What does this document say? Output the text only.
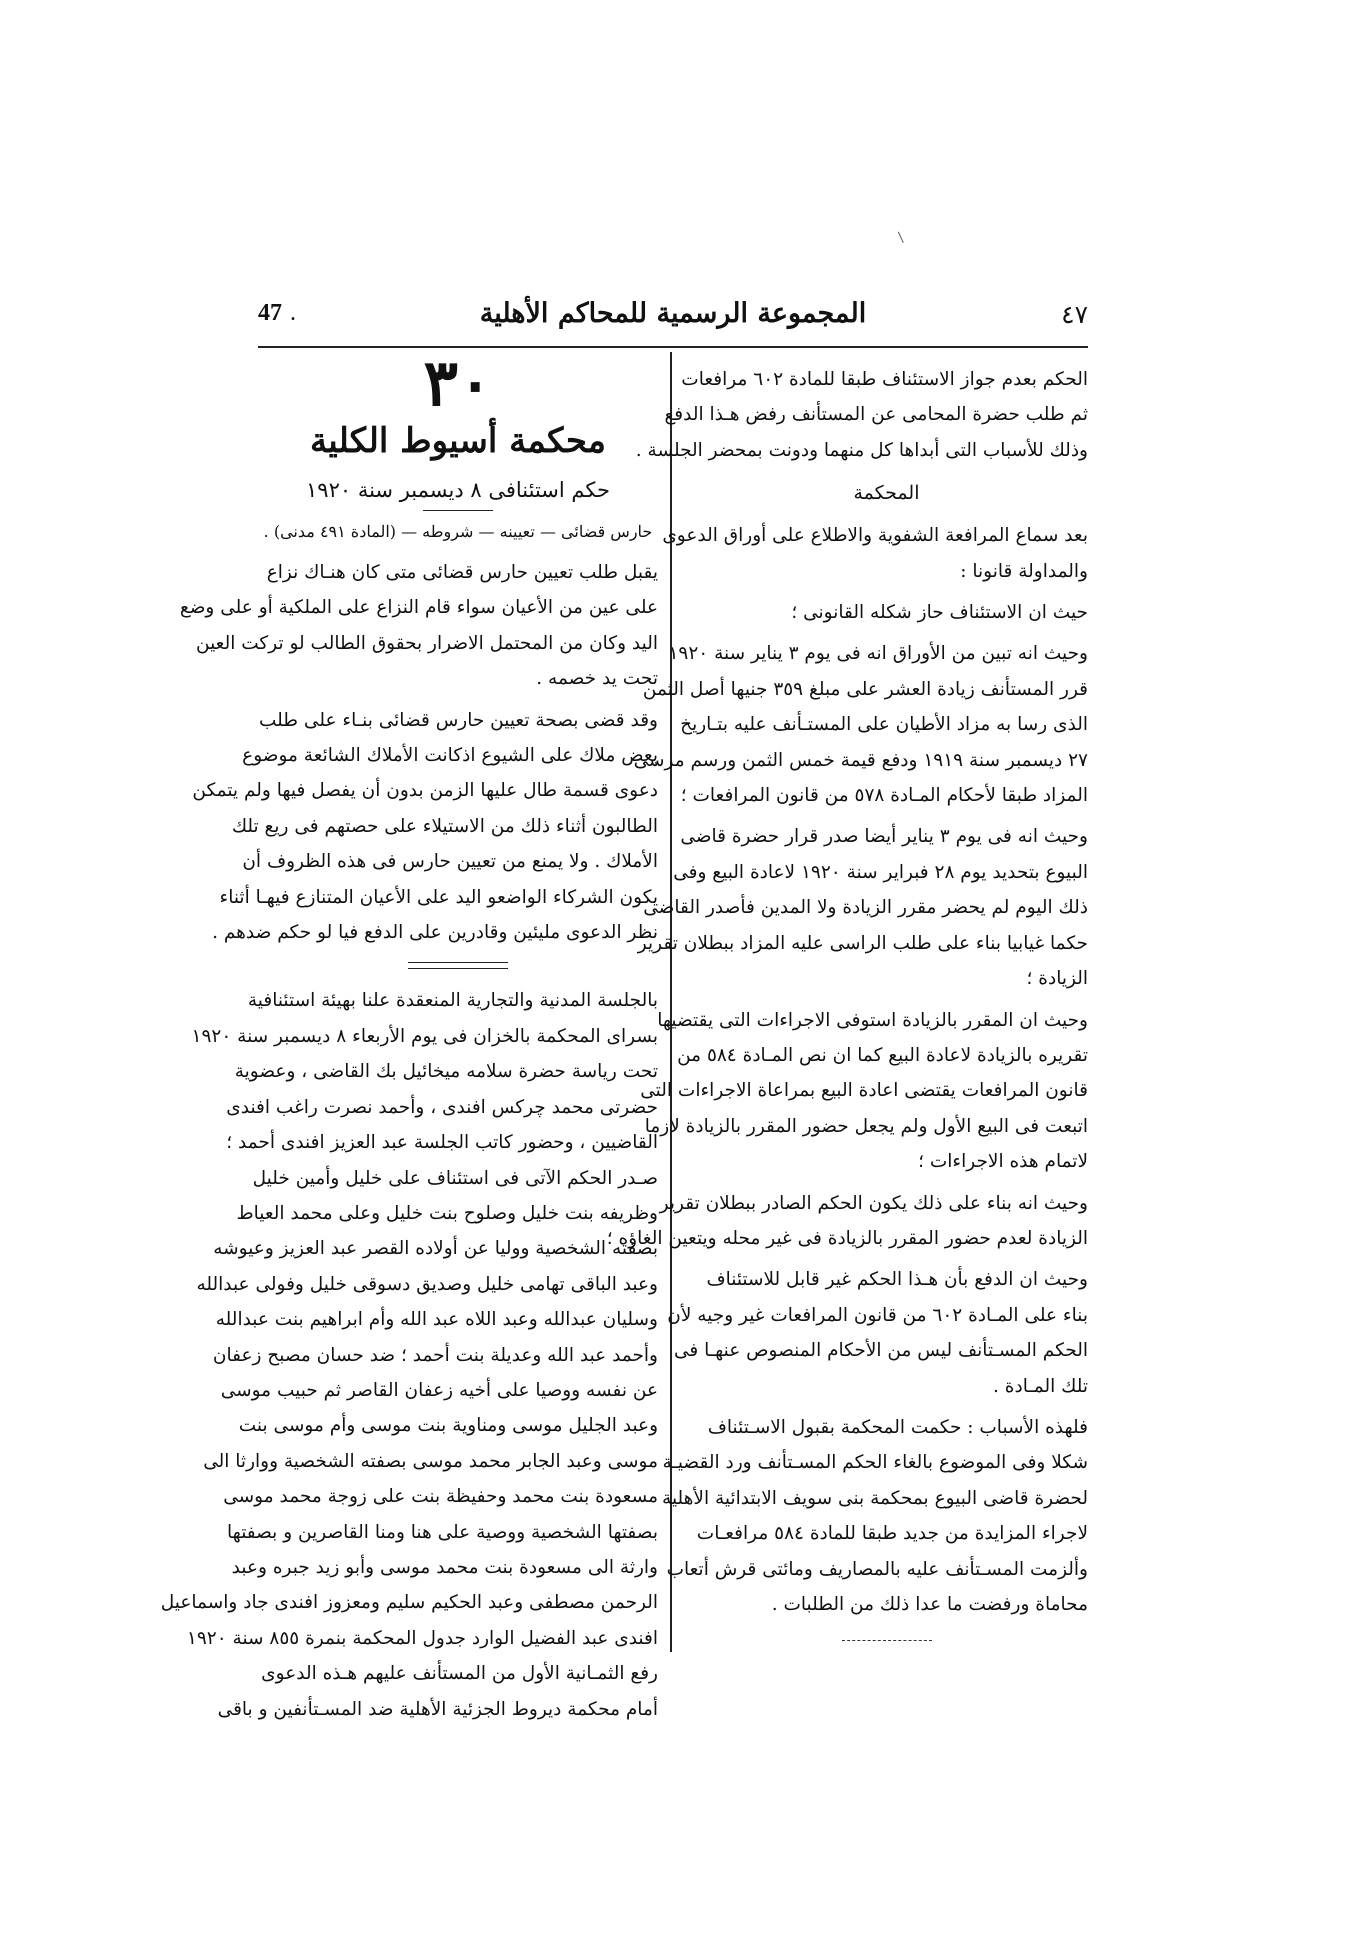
٤٧
المجموعة الرسمية للمحاكم الأهلية
47 .
٣٠
محكمة أسيوط الكلية
حكم استئنافى ٨ ديسمبر سنة ١٩٢٠
حارس قضائى — تعيينه — شروطه — (المادة ٤٩١ مدنى) .

يقبل طلب تعيين حارس قضائى متى كان هنـاك نزاع
على عين من الأعيان سواء قام النزاع على الملكية أو على وضع
اليد وكان من المحتمل الاضرار بحقوق الطالب لو تركت العين
تحت يد خصمه .

وقد قضى بصحة تعيين حارس قضائى بنـاء على طلب
بعض ملاك على الشيوع اذكانت الأملاك الشائعة موضوع
دعوى قسمة طال عليها الزمن بدون أن يفصل فيها ولم يتمكن
الطالبون أثناء ذلك من الاستيلاء على حصتهم فى ريع تلك
الأملاك . ولا يمنع من تعيين حارس فى هذه الظروف أن
يكون الشركاء الواضعو اليد على الأعيان المتنازع فيهـا أثناء
نظر الدعوى مليئين وقادرين على الدفع فيا لو حكم ضدهم .

بالجلسة المدنية والتجارية المنعقدة علنا بهيئة استئنافية
بسراى المحكمة بالخزان فى يوم الأربعاء ٨ ديسمبر سنة ١٩٢٠
تحت رياسة حضرة سلامه ميخائيل بك القاضى ، وعضوية
حضرتى محمد چركس افندى ، وأحمد نصرت راغب افندى
القاضيين ، وحضور كاتب الجلسة عبد العزيز افندى أحمد ؛
صـدر الحكم الآتى فى استئناف على خليل وأمين خليل
وظريفه بنت خليل وصلوح بنت خليل وعلى محمد العياط
بصفته الشخصية ووليا عن أولاده القصر عبد العزيز وعيوشه
وعبد الباقى تهامى خليل وصديق دسوقى خليل وفولى عبدالله
وسليان عبدالله وعبد اللاه عبد الله وأم ابراهيم بنت عبدالله
وأحمد عبد الله وعديلة بنت أحمد ؛ ضد حسان مصبح زعفان
عن نفسه ووصيا على أخيه زعفان القاصر ثم حبيب موسى
وعبد الجليل موسى ومناوية بنت موسى وأم موسى بنت
موسى وعبد الجابر محمد موسى بصفته الشخصية ووارثا الى
مسعودة بنت محمد وحفيظة بنت على زوجة محمد موسى
بصفتها الشخصية ووصية على هنا ومنا القاصرين و بصفتها
وارثة الى مسعودة بنت محمد موسى وأبو زيد جبره وعبد
الرحمن مصطفى وعبد الحكيم سليم ومعزوز افندى جاد واسماعيل
افندى عبد الفضيل الوارد جدول المحكمة بنمرة ٨٥٥ سنة ١٩٢٠
رفع الثمـانية الأول من المستأنف عليهم هـذه الدعوى
أمام محكمة ديروط الجزئية الأهلية ضد المسـتأنفين و باقى

الحكم بعدم جواز الاستئناف طبقا للمادة ٦٠٢ مرافعات
ثم طلب حضرة المحامى عن المستأنف رفض هـذا الدفع
وذلك للأسباب التى أبداها كل منهما ودونت بمحضر الجلسة .

المحكمة

بعد سماع المرافعة الشفوية والاطلاع على أوراق الدعوى
والمداولة قانونا :

حيث ان الاستئناف حاز شكله القانونى ؛

وحيث انه تبين من الأوراق انه فى يوم ٣ يناير سنة ١٩٢٠
قرر المستأنف زيادة العشر على مبلغ ٣٥٩ جنيها أصل الثمن
الذى رسا به مزاد الأطيان على المستـأنف عليه بتـاريخ
٢٧ ديسمبر سنة ١٩١٩ ودفع قيمة خمس الثمن ورسم مرسى
المزاد طبقا لأحكام المـادة ٥٧٨ من قانون المرافعات ؛

وحيث انه فى يوم ٣ يناير أيضا صدر قرار حضرة قاضى
البيوع بتحديد يوم ٢٨ فبراير سنة ١٩٢٠ لاعادة البيع وفى
ذلك اليوم لم يحضر مقرر الزيادة ولا المدين فأصدر القاضى
حكما غيابيا بناء على طلب الراسى عليه المزاد ببطلان تقرير
الزيادة ؛

وحيث ان المقرر بالزيادة استوفى الاجراءات التى يقتضيها
تقريره بالزيادة لاعادة البيع كما ان نص المـادة ٥٨٤ من
قانون المرافعات يقتضى اعادة البيع بمراعاة الاجراءات التى
اتبعت فى البيع الأول ولم يجعل حضور المقرر بالزيادة لازما
لاتمام هذه الاجراءات ؛

وحيث انه بناء على ذلك يكون الحكم الصادر ببطلان تقرير
الزيادة لعدم حضور المقرر بالزيادة فى غير محله ويتعين الغاؤه ؛

وحيث ان الدفع بأن هـذا الحكم غير قابل للاستئناف
بناء على المـادة ٦٠٢ من قانون المرافعات غير وجيه لأن
الحكم المسـتأنف ليس من الأحكام المنصوص عنهـا فى
تلك المـادة .

فلهذه الأسباب : حكمت المحكمة بقبول الاسـتئناف
شكلا وفى الموضوع بالغاء الحكم المسـتأنف ورد القضيـة
لحضرة قاضى البيوع بمحكمة بنى سويف الابتدائية الأهلية
لاجراء المزايدة من جديد طبقا للمادة ٥٨٤ مرافعـات
وألزمت المسـتأنف عليه بالمصاريف ومائتى قرش أتعاب
محاماة ورفضت ما عدا ذلك من الطلبات .
